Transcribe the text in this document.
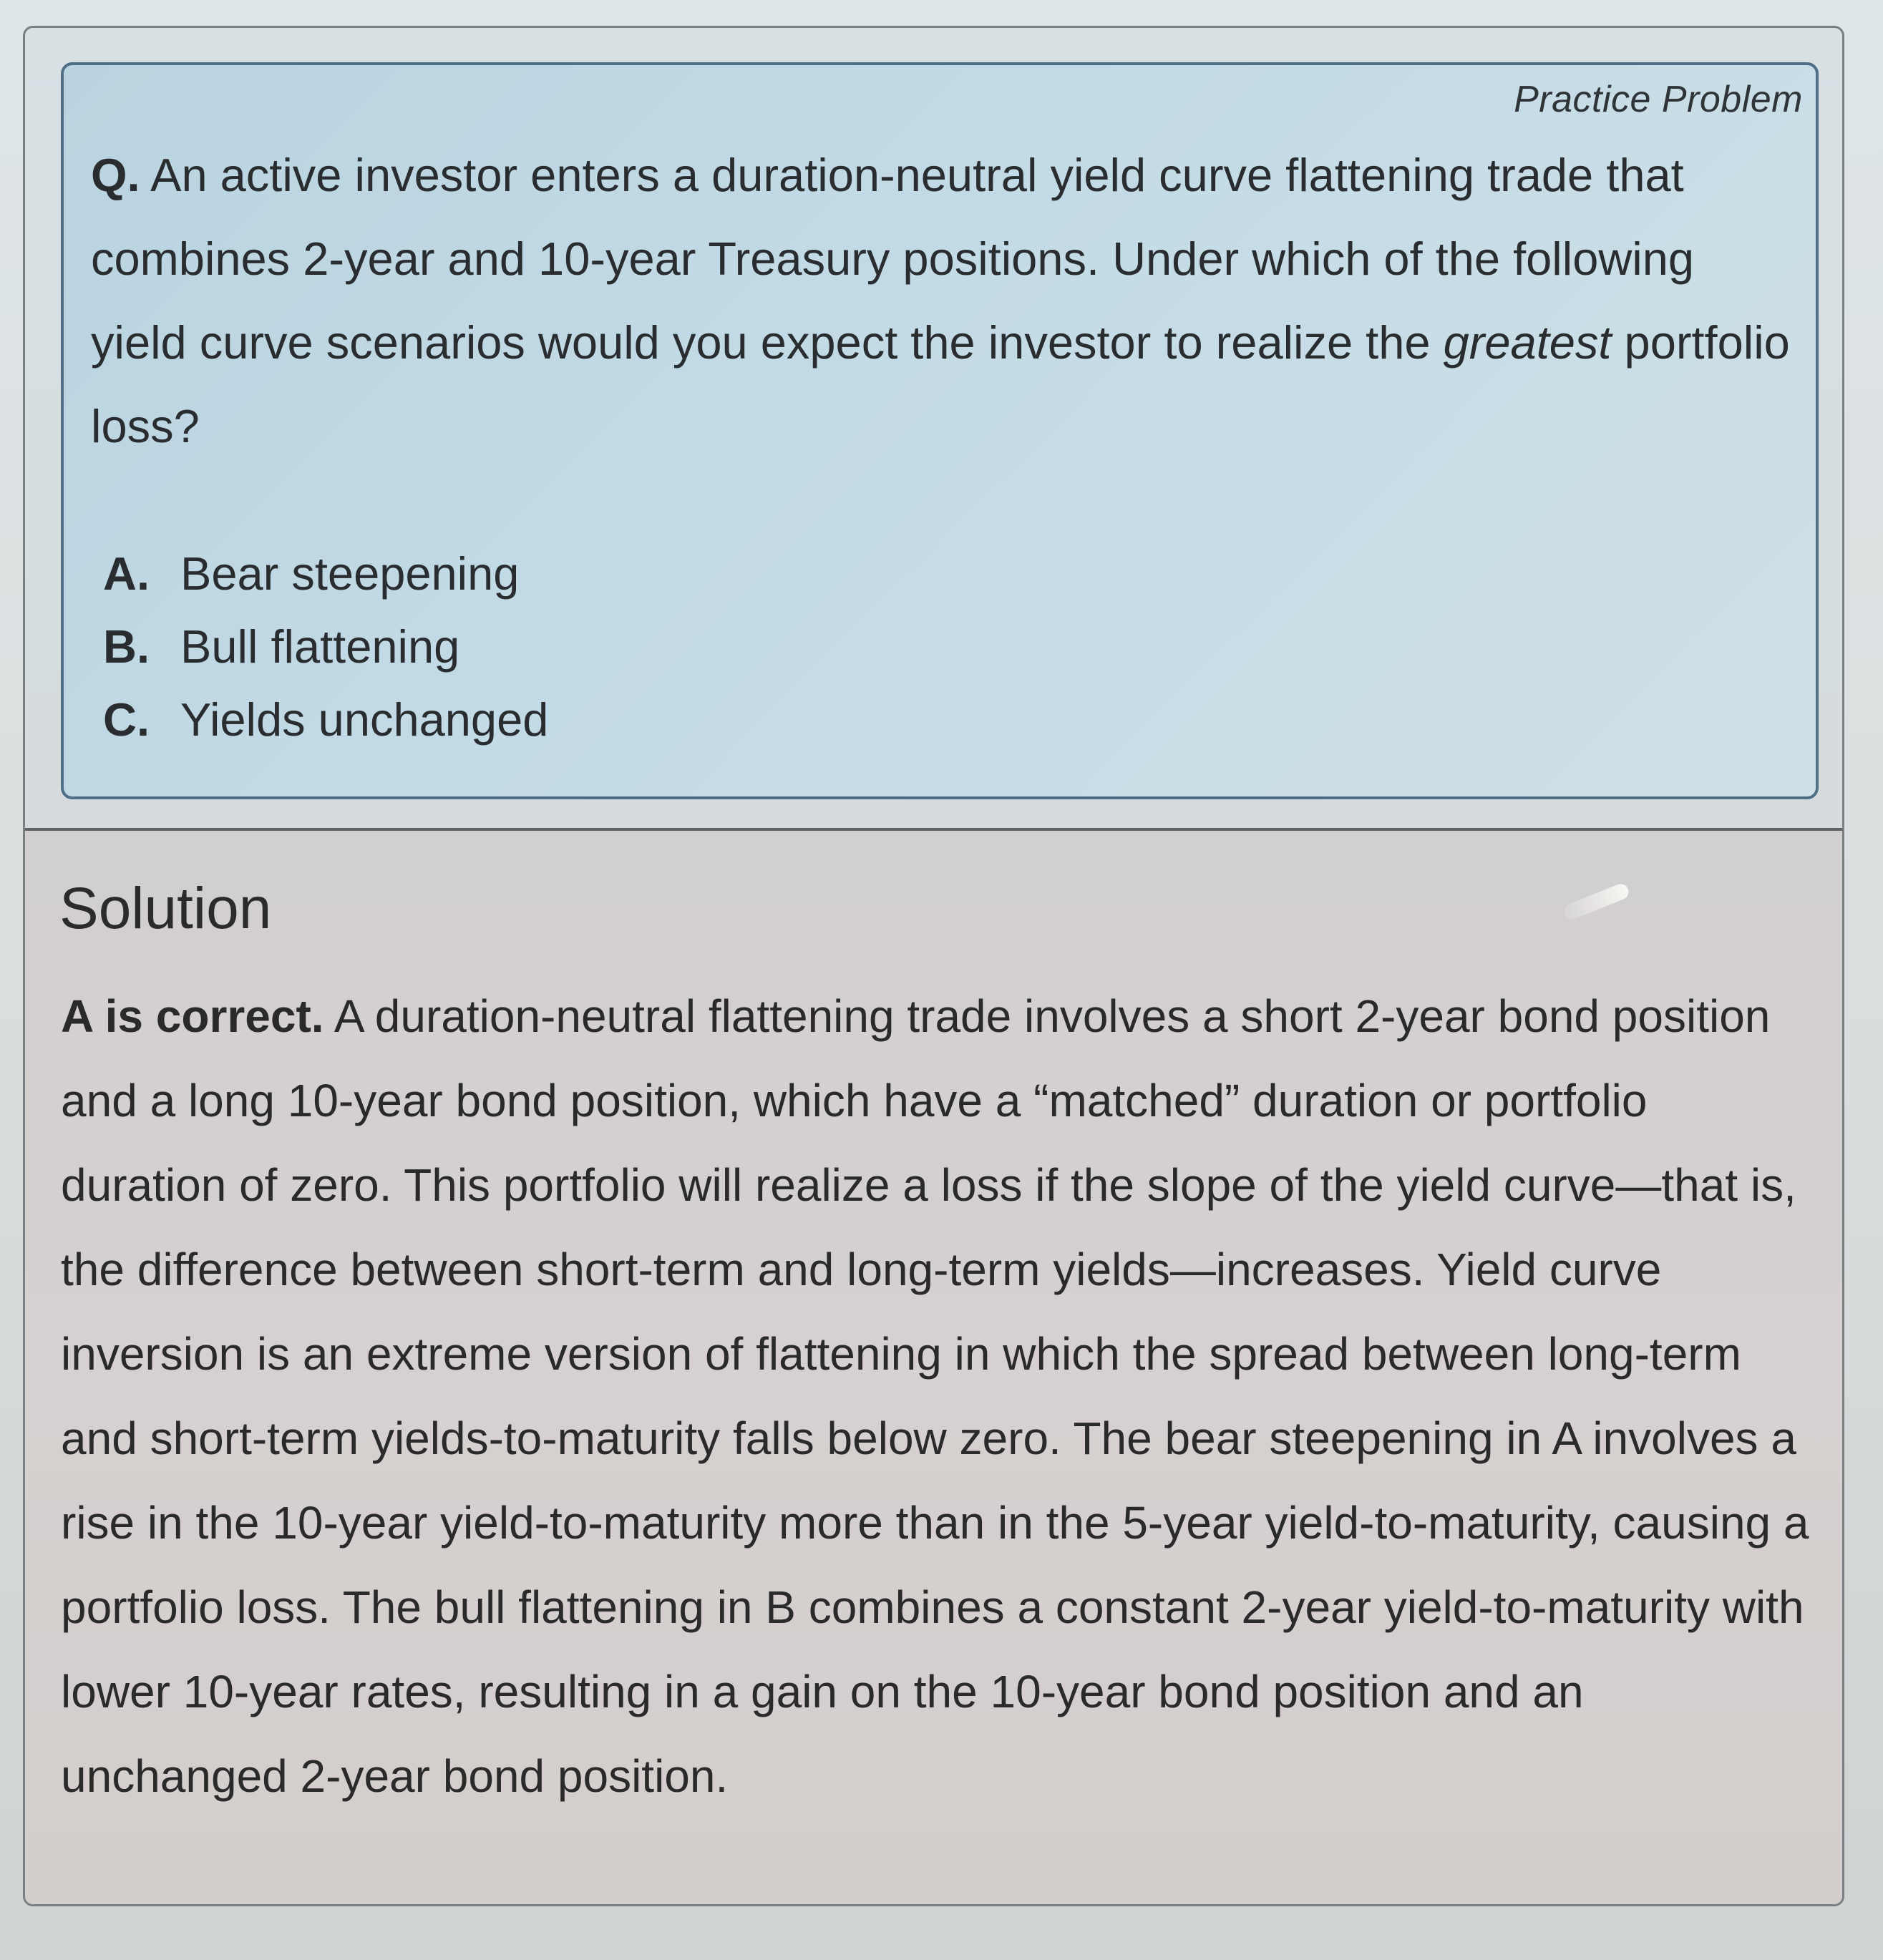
Practice Problem
Q. An active investor enters a duration-neutral yield curve flattening trade that combines 2-year and 10-year Treasury positions. Under which of the following yield curve scenarios would you expect the investor to realize the greatest portfolio loss?
A. Bear steepening
B. Bull flattening
C. Yields unchanged
Solution
A is correct. A duration-neutral flattening trade involves a short 2-year bond position and a long 10-year bond position, which have a “matched” duration or portfolio duration of zero. This portfolio will realize a loss if the slope of the yield curve—that is, the difference between short-term and long-term yields—increases. Yield curve inversion is an extreme version of flattening in which the spread between long-term and short-term yields-to-maturity falls below zero. The bear steepening in A involves a rise in the 10-year yield-to-maturity more than in the 5-year yield-to-maturity, causing a portfolio loss. The bull flattening in B combines a constant 2-year yield-to-maturity with lower 10-year rates, resulting in a gain on the 10-year bond position and an unchanged 2-year bond position.
